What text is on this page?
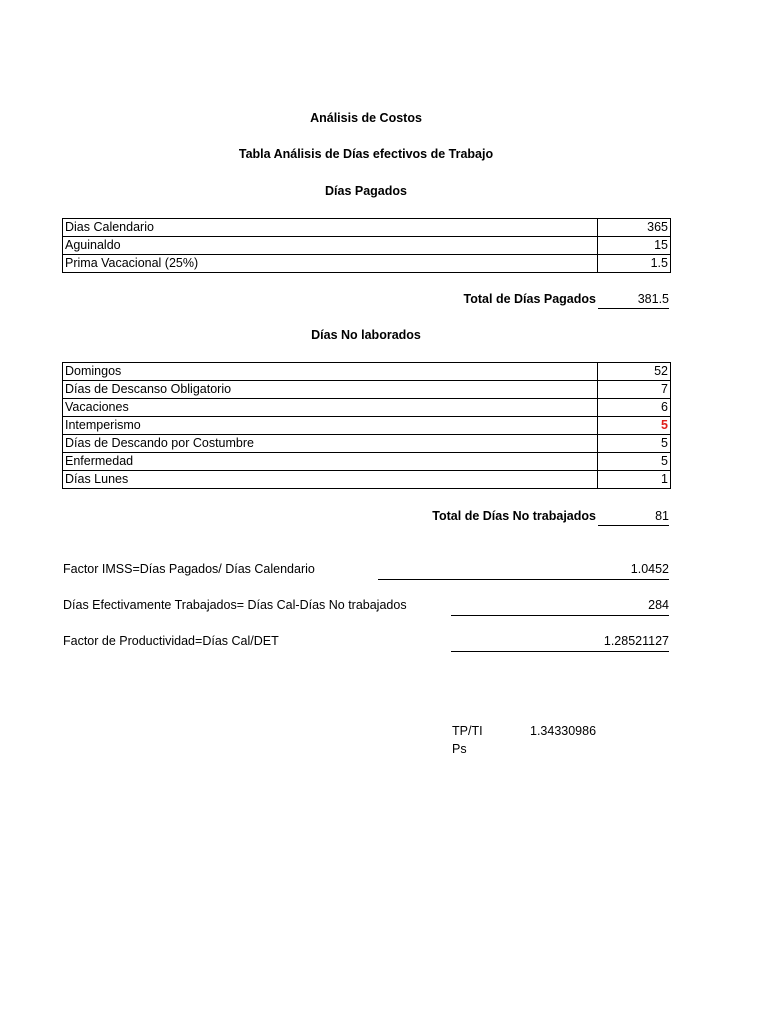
Análisis de Costos
Tabla Análisis de Días efectivos de Trabajo
Días Pagados
Dias Calendario	365
Aguinaldo	15
Prima Vacacional (25%)	1.5
Total de Días Pagados	381.5
Días No laborados
Domingos	52
Días de Descanso Obligatorio	7
Vacaciones	6
Intemperismo	5
Días de Descando por Costumbre	5
Enfermedad	5
Días Lunes	1
Total de Días No trabajados	81
Factor IMSS=Días Pagados/ Días Calendario	1.0452
Días Efectivamente Trabajados= Días Cal-Días No trabajados	284
Factor de Productividad=Días Cal/DET	1.28521127
TP/TI	1.34330986
Ps
